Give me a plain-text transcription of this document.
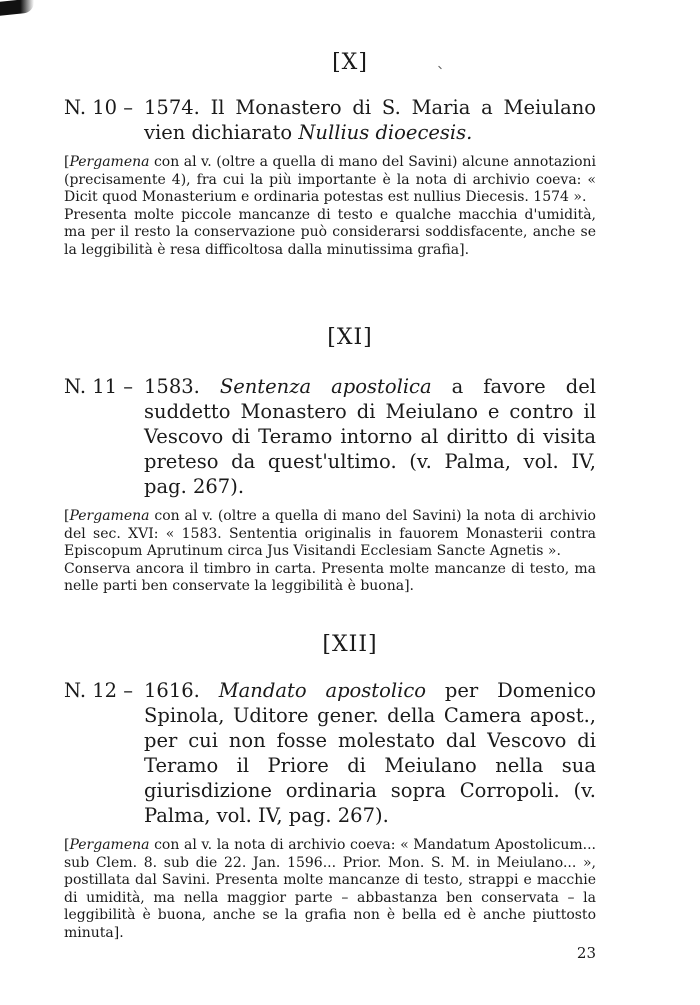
[X]
N. 10 – 1574. Il Monastero di S. Maria a Meiulano vien dichiarato Nullius dioecesis.

[Pergamena con al v. (oltre a quella di mano del Savini) alcune annotazioni (precisamente 4), fra cui la più importante è la nota di archivio coeva: « Dicit quod Monasterium e ordinaria potestas est nullius Diecesis. 1574 ».

Presenta molte piccole mancanze di testo e qualche macchia d'umidità, ma per il resto la conservazione può considerarsi soddisfacente, anche se la leggibilità è resa difficoltosa dalla minutissima grafia].

[XI]
N. 11 – 1583. Sentenza apostolica a favore del suddetto Monastero di Meiulano e contro il Vescovo di Teramo intorno al diritto di visita preteso da quest'ultimo. (v. Palma, vol. IV, pag. 267).

[Pergamena con al v. (oltre a quella di mano del Savini) la nota di archivio del sec. XVI: « 1583. Sententia originalis in fauorem Monasterii contra Episcopum Aprutinum circa Jus Visitandi Ecclesiam Sancte Agnetis ».

Conserva ancora il timbro in carta. Presenta molte mancanze di testo, ma nelle parti ben conservate la leggibilità è buona].

[XII]
N. 12 – 1616. Mandato apostolico per Domenico Spinola, Uditore gener. della Camera apost., per cui non fosse molestato dal Vescovo di Teramo il Priore di Meiulano nella sua giurisdizione ordinaria sopra Corropoli. (v. Palma, vol. IV, pag. 267).

[Pergamena con al v. la nota di archivio coeva: « Mandatum Apostolicum... sub Clem. 8. sub die 22. Jan. 1596... Prior. Mon. S. M. in Meiulano... », postillata dal Savini. Presenta molte mancanze di testo, strappi e macchie di umidità, ma nella maggior parte – abbastanza ben conservata – la leggibilità è buona, anche se la grafia non è bella ed è anche piuttosto minuta].

23
